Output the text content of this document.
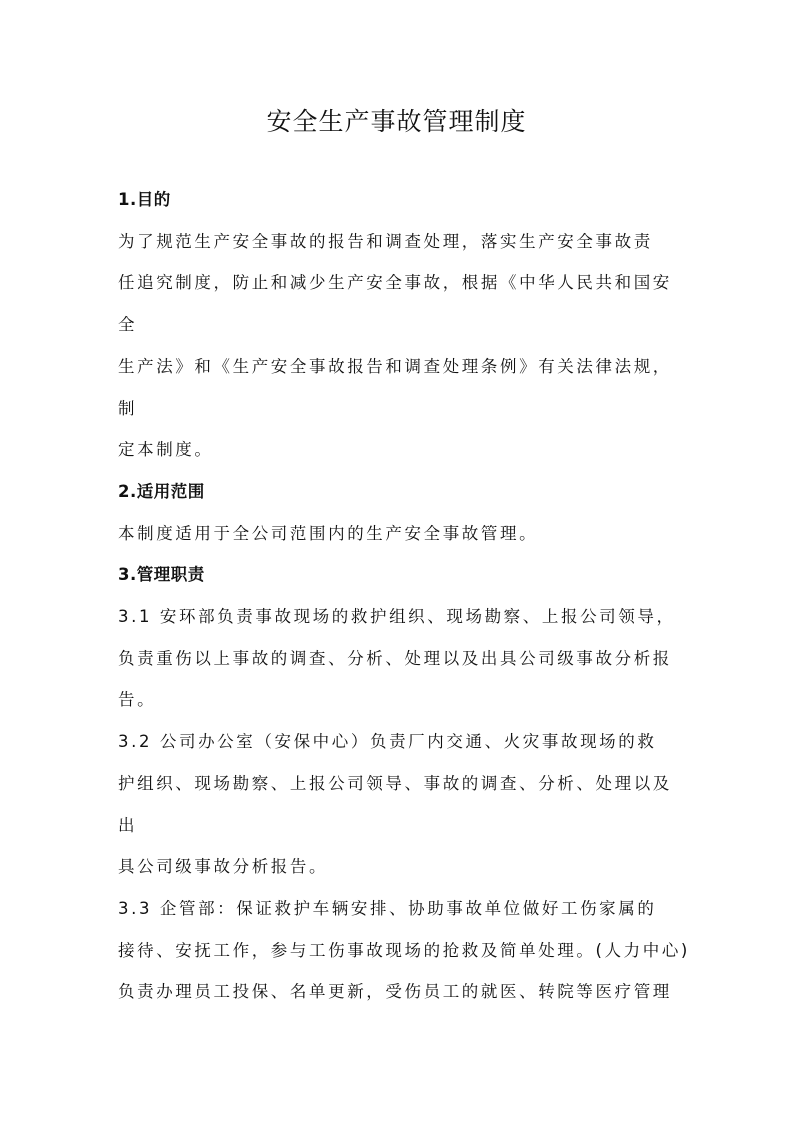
安全生产事故管理制度
1.目的
为了规范生产安全事故的报告和调查处理，落实生产安全事故责
任追究制度，防止和减少生产安全事故，根据《中华人民共和国安
全
生产法》和《生产安全事故报告和调查处理条例》有关法律法规，
制
定本制度。
2.适用范围
本制度适用于全公司范围内的生产安全事故管理。
3.管理职责
3.1 安环部负责事故现场的救护组织、现场勘察、上报公司领导，
负责重伤以上事故的调查、分析、处理以及出具公司级事故分析报
告。
3.2 公司办公室（安保中心）负责厂内交通、火灾事故现场的救
护组织、现场勘察、上报公司领导、事故的调查、分析、处理以及
出
具公司级事故分析报告。
3.3 企管部：保证救护车辆安排、协助事故单位做好工伤家属的
接待、安抚工作，参与工伤事故现场的抢救及简单处理。(人力中心)
负责办理员工投保、名单更新，受伤员工的就医、转院等医疗管理
